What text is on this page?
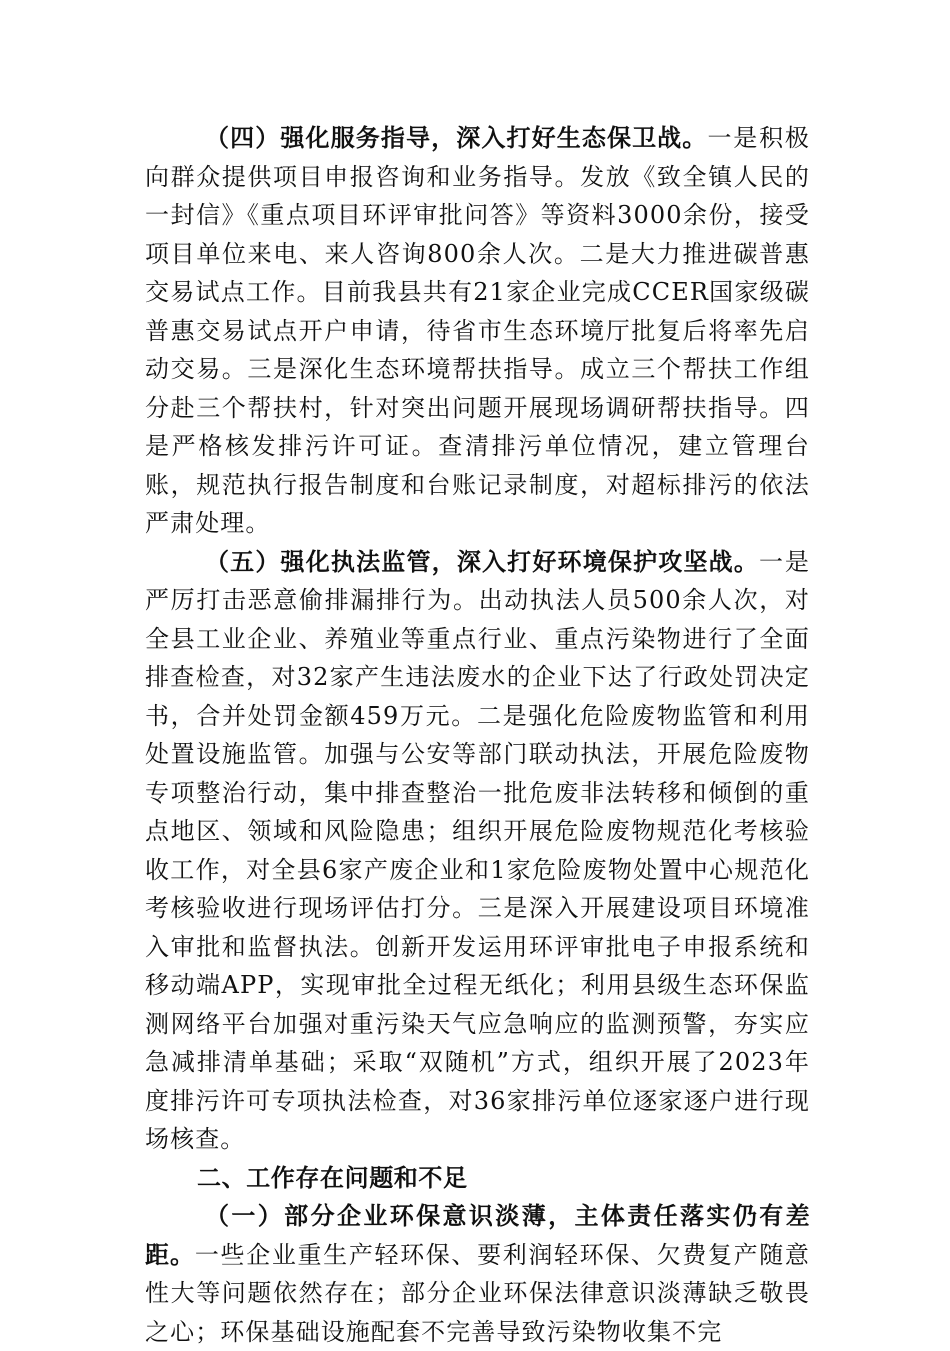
（四）强化服务指导，深入打好生态保卫战。一是积极向群众提供项目申报咨询和业务指导。发放《致全镇人民的一封信》《重点项目环评审批问答》等资料3000余份，接受项目单位来电、来人咨询800余人次。二是大力推进碳普惠交易试点工作。目前我县共有21家企业完成CCER国家级碳普惠交易试点开户申请，待省市生态环境厅批复后将率先启动交易。三是深化生态环境帮扶指导。成立三个帮扶工作组分赴三个帮扶村，针对突出问题开展现场调研帮扶指导。四是严格核发排污许可证。查清排污单位情况，建立管理台账，规范执行报告制度和台账记录制度，对超标排污的依法严肃处理。

（五）强化执法监管，深入打好环境保护攻坚战。一是严厉打击恶意偷排漏排行为。出动执法人员500余人次，对全县工业企业、养殖业等重点行业、重点污染物进行了全面排查检查，对32家产生违法废水的企业下达了行政处罚决定书，合并处罚金额459万元。二是强化危险废物监管和利用处置设施监管。加强与公安等部门联动执法，开展危险废物专项整治行动，集中排查整治一批危废非法转移和倾倒的重点地区、领域和风险隐患；组织开展危险废物规范化考核验收工作，对全县6家产废企业和1家危险废物处置中心规范化考核验收进行现场评估打分。三是深入开展建设项目环境准入审批和监督执法。创新开发运用环评审批电子申报系统和移动端APP，实现审批全过程无纸化；利用县级生态环保监测网络平台加强对重污染天气应急响应的监测预警，夯实应急减排清单基础；采取“双随机”方式，组织开展了2023年度排污许可专项执法检查，对36家排污单位逐家逐户进行现场核查。

二、工作存在问题和不足

（一）部分企业环保意识淡薄，主体责任落实仍有差距。一些企业重生产轻环保、要利润轻环保、欠费复产随意性大等问题依然存在；部分企业环保法律意识淡薄缺乏敬畏之心；环保基础设施配套不完善导致污染物收集不完
